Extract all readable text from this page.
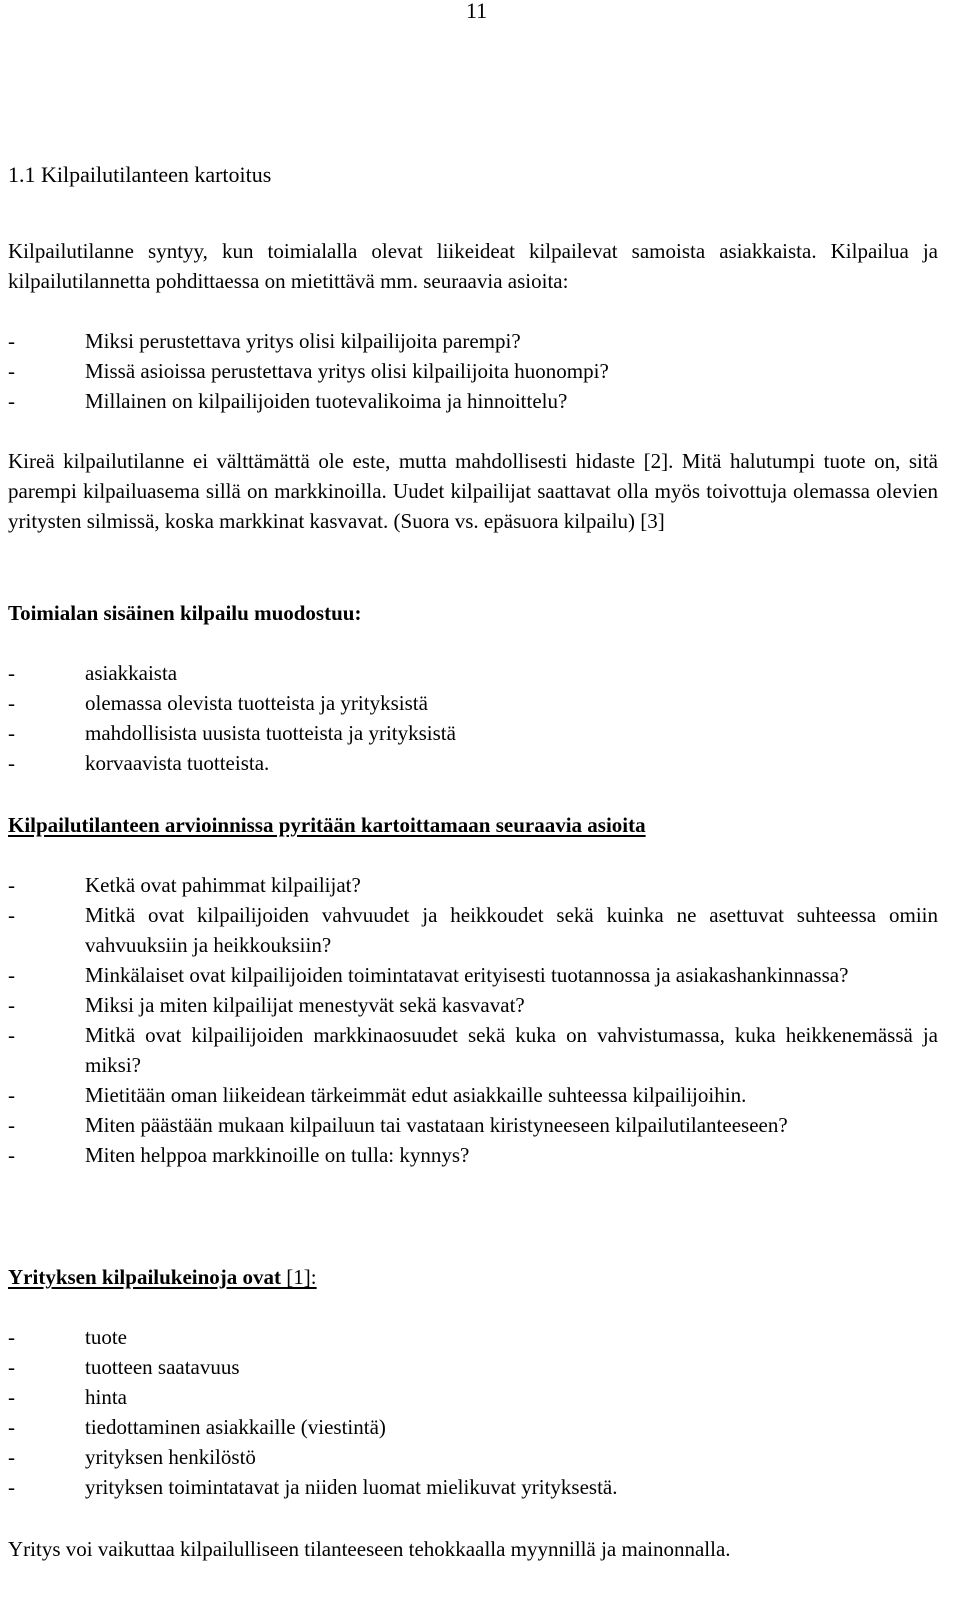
11
1.1 Kilpailutilanteen kartoitus

Kilpailutilanne syntyy, kun toimialalla olevat liikeideat kilpailevat samoista asiakkaista. Kilpailua ja kilpailutilannetta pohdittaessa on mietittävä mm. seuraavia asioita:

- Miksi perustettava yritys olisi kilpailijoita parempi?
- Missä asioissa perustettava yritys olisi kilpailijoita huonompi?
- Millainen on kilpailijoiden tuotevalikoima ja hinnoittelu?

Kireä kilpailutilanne ei välttämättä ole este, mutta mahdollisesti hidaste [2]. Mitä halutumpi tuote on, sitä parempi kilpailuasema sillä on markkinoilla. Uudet kilpailijat saattavat olla myös toivottuja olemassa olevien yritysten silmissä, koska markkinat kasvavat. (Suora vs. epäsuora kilpailu) [3]

Toimialan sisäinen kilpailu muodostuu:
- asiakkaista
- olemassa olevista tuotteista ja yrityksistä
- mahdollisista uusista tuotteista ja yrityksistä
- korvaavista tuotteista.
Kilpailutilanteen arvioinnissa pyritään kartoittamaan seuraavia asioita
- Ketkä ovat pahimmat kilpailijat?
- Mitkä ovat kilpailijoiden vahvuudet ja heikkoudet sekä kuinka ne asettuvat suhteessa omiin vahvuuksiin ja heikkouksiin?
- Minkälaiset ovat kilpailijoiden toimintatavat erityisesti tuotannossa ja asiakashankinnassa?
- Miksi ja miten kilpailijat menestyvät sekä kasvavat?
- Mitkä ovat kilpailijoiden markkinaosuudet sekä kuka on vahvistumassa, kuka heikkenemässä ja miksi?
- Mietitään oman liikeidean tärkeimmät edut asiakkaille suhteessa kilpailijoihin.
- Miten päästään mukaan kilpailuun tai vastataan kiristyneeseen kilpailutilanteeseen?
- Miten helppoa markkinoille on tulla: kynnys?
Yrityksen kilpailukeinoja ovat [1]:
- tuote
- tuotteen saatavuus
- hinta
- tiedottaminen asiakkaille (viestintä)
- yrityksen henkilöstö
- yrityksen toimintatavat ja niiden luomat mielikuvat yrityksestä.

Yritys voi vaikuttaa kilpailulliseen tilanteeseen tehokkaalla myynnillä ja mainonnalla.
